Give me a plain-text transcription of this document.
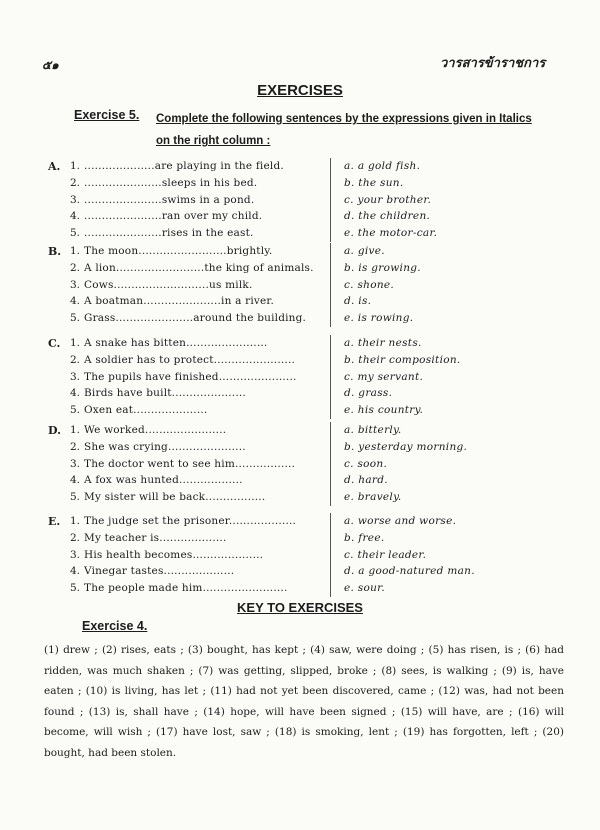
๕๑	วารสารข้าราชการ
EXERCISES
Exercise 5. Complete the following sentences by the expressions given in Italics on the right column :
A. 1. ....................are playing in the field.	a. a gold fish.
2. ......................sleeps in his bed.	b. the sun.
3. ......................swims in a pond.	c. your brother.
4. ......................ran over my child.	d. the children.
5. ......................rises in the east.	e. the motor-car.
B. 1. The moon.........................brightly.	a. give.
2. A lion.........................the king of animals.	b. is growing.
3. Cows...........................us milk.	c. shone.
4. A boatman......................in a river.	d. is.
5. Grass......................around the building.	e. is rowing.
C. 1. A snake has bitten.......................	a. their nests.
2. A soldier has to protect.......................	b. their composition.
3. The pupils have finished......................	c. my servant.
4. Birds have built.....................	d. grass.
5. Oxen eat.....................	e. his country.
D. 1. We worked.......................	a. bitterly.
2. She was crying......................	b. yesterday morning.
3. The doctor went to see him.................	c. soon.
4. A fox was hunted..................	d. hard.
5. My sister will be back.................	e. bravely.
E. 1. The judge set the prisoner...................	a. worse and worse.
2. My teacher is...................	b. free.
3. His health becomes....................	c. their leader.
4. Vinegar tastes....................	d. a good-natured man.
5. The people made him........................	e. sour.
KEY TO EXERCISES
Exercise 4.
(1) drew ; (2) rises, eats ; (3) bought, has kept ; (4) saw, were doing ; (5) has risen, is ; (6) had ridden, was much shaken ; (7) was getting, slipped, broke ; (8) sees, is walking ; (9) is, have eaten ; (10) is living, has let ; (11) had not yet been discovered, came ; (12) was, had not been found ; (13) is, shall have ; (14) hope, will have been signed ; (15) will have, are ; (16) will become, will wish ; (17) have lost, saw ; (18) is smoking, lent ; (19) has forgotten, left ; (20) bought, had been stolen.
